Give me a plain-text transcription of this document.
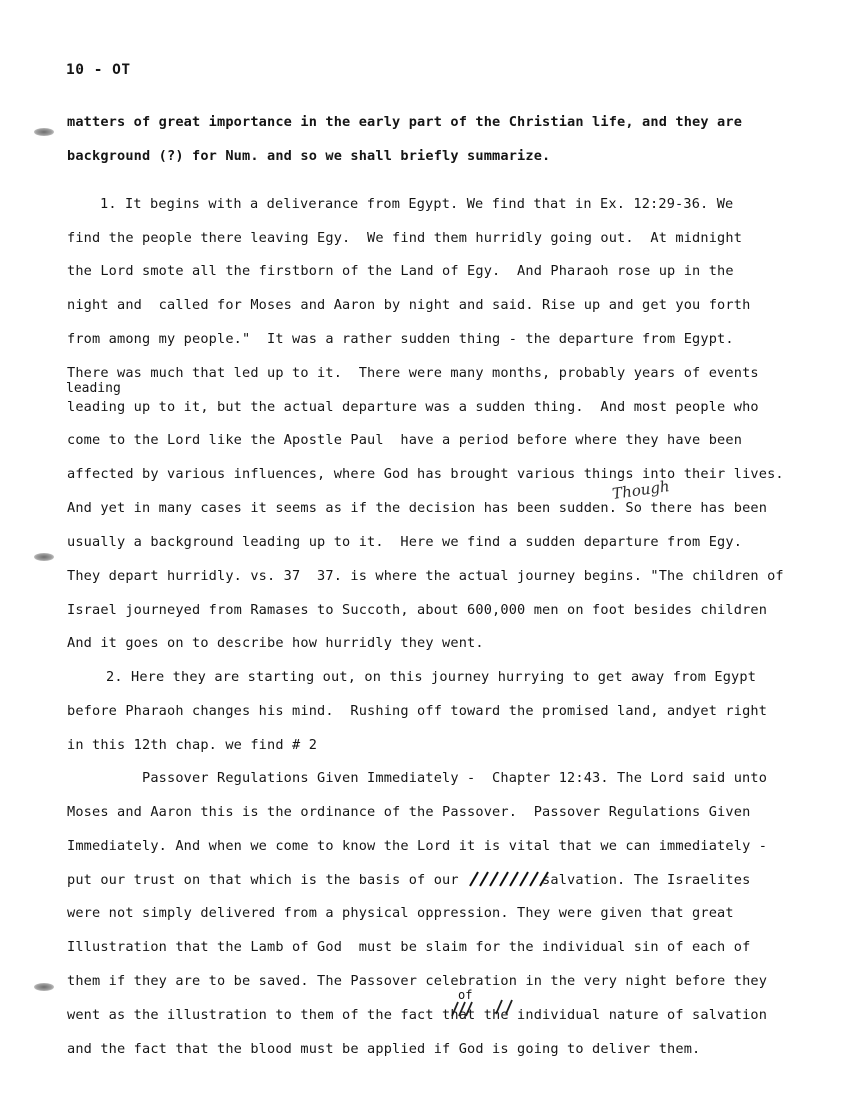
10 - OT
matters of great importance in the early part of the Christian life, and they are
background (?) for Num. and so we shall briefly summarize.
1. It begins with a deliverance from Egypt. We find that in Ex. 12:29-36. We
find the people there leaving Egy.  We find them hurridly going out.  At midnight
the Lord smote all the firstborn of the Land of Egy.  And Pharaoh rose up in the
night and  called for Moses and Aaron by night and said. Rise up and get you forth
from among my people."  It was a rather sudden thing - the departure from Egypt.
There was much that led up to it.  There were many months, probably years of events
leading
leading up to it, but the actual departure was a sudden thing.  And most people who
come to the Lord like the Apostle Paul  have a period before where they have been
affected by various influences, where God has brought various things into their lives.
Though
And yet in many cases it seems as if the decision has been sudden. So there has been
usually a background leading up to it.  Here we find a sudden departure from Egy.
They depart hurridly. vs. 37  37. is where the actual journey begins. "The children of
Israel journeyed from Ramases to Succoth, about 600,000 men on foot besides children
And it goes on to describe how hurridly they went.
2. Here they are starting out, on this journey hurrying to get away from Egypt
before Pharaoh changes his mind.  Rushing off toward the promised land, andyet right
in this 12th chap. we find # 2
Passover Regulations Given Immediately -  Chapter 12:43. The Lord said unto
Moses and Aaron this is the ordinance of the Passover.  Passover Regulations Given
Immediately. And when we come to know the Lord it is vital that we can immediately -
put our trust on that which is the basis of our          salvation. The Israelites
were not simply delivered from a physical oppression. They were given that great
Illustration that the Lamb of God  must be slaim for the individual sin of each of
them if they are to be saved. The Passover celebration in the very night before they
of
went as the illustration to them of the fact that the individual nature of salvation
and the fact that the blood must be applied if God is going to deliver them.
